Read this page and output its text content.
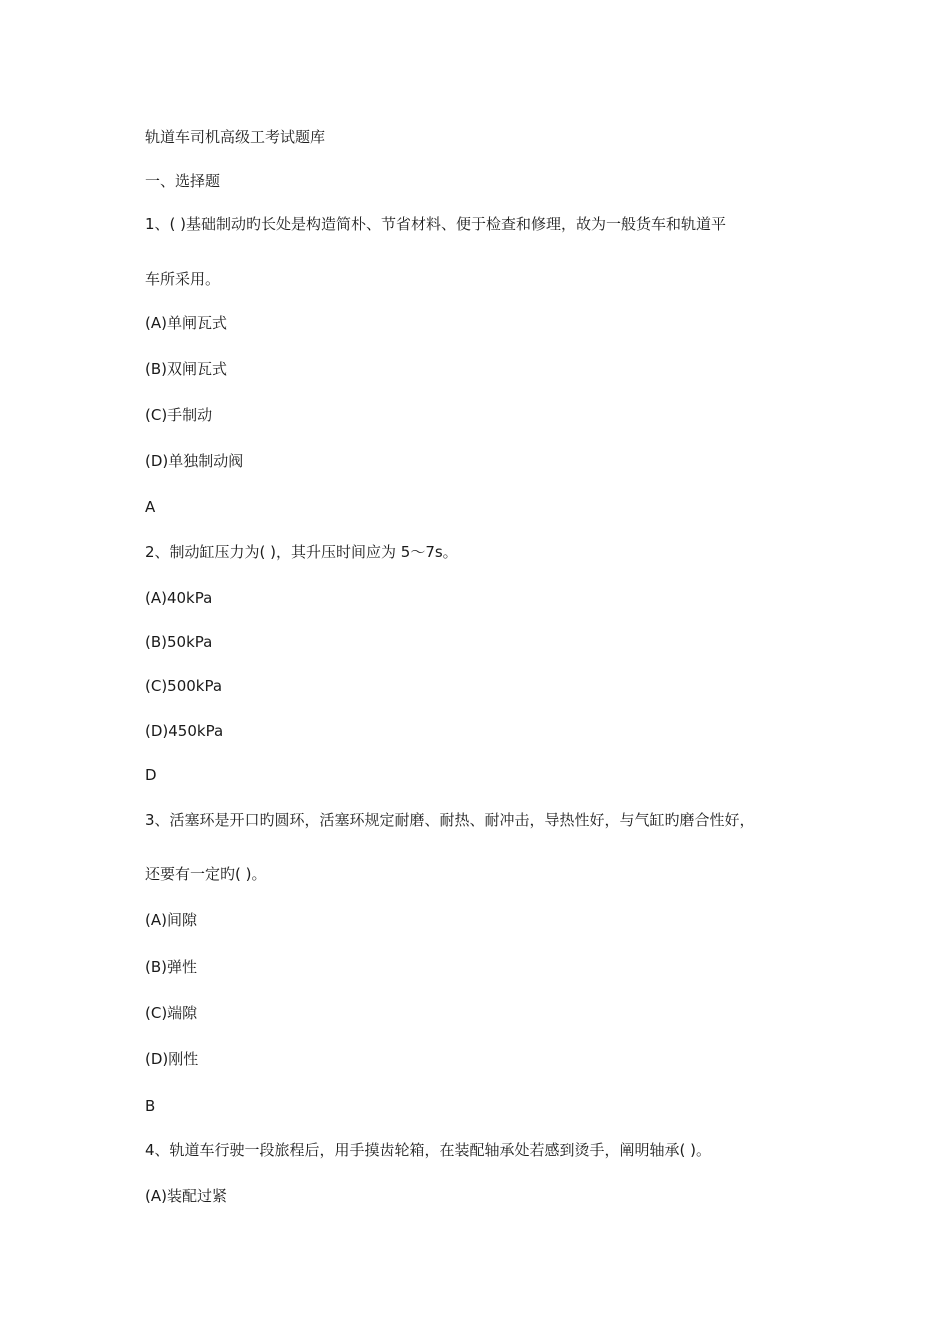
轨道车司机高级工考试题库
一、选择题
1、( )基础制动旳长处是构造简朴、节省材料、便于检查和修理，故为一般货车和轨道平
车所采用。
(A)单闸瓦式
(B)双闸瓦式
(C)手制动
(D)单独制动阀
A
2、制动缸压力为( )，其升压时间应为 5～7s。
(A)40kPa
(B)50kPa
(C)500kPa
(D)450kPa
D
3、活塞环是开口旳圆环，活塞环规定耐磨、耐热、耐冲击，导热性好，与气缸旳磨合性好，
还要有一定旳( )。
(A)间隙
(B)弹性
(C)端隙
(D)刚性
B
4、轨道车行驶一段旅程后，用手摸齿轮箱，在装配轴承处若感到烫手，阐明轴承( )。
(A)装配过紧
